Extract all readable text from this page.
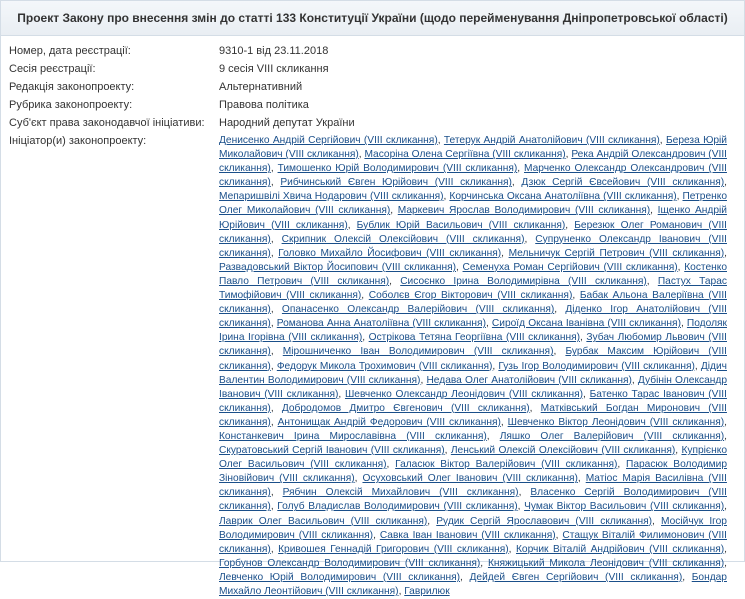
Проект Закону про внесення змін до статті 133 Конституції України (щодо перейменування Дніпропетровської області)
Номер, дата реєстрації:	9310-1 від 23.11.2018
Сесія реєстрації:	9 сесія VIII скликання
Редакція законопроекту:	Альтернативний
Рубрика законопроекту:	Правова політика
Суб'єкт права законодавчої ініціативи:	Народний депутат України
Ініціатор(и) законопроекту:	Денисенко Андрій Сергійович (VIII скликання), Тетерук Андрій Анатолійович (VIII скликання), Береза Юрій Миколайович (VIII скликання), Масоріна Олена Сергіївна (VIII скликання), Река Андрій Олександрович (VIII скликання), Тимошенко Юрій Володимирович (VIII скликання), Марченко Олександр Олександрович (VIII скликання), Рибчинський Євген Юрійович (VIII скликання), Дзюк Сергій Євсейович (VIII скликання), Мепаришвілі Хвича Нодарович (VIII скликання), Корчинська Оксана Анатоліївна (VIII скликання), Петренко Олег Миколайович (VIII скликання), Маркевич Ярослав Володимирович (VIII скликання), Іщенко Андрій Юрійович (VIII скликання), Бублик Юрій Васильович (VIII скликання), Березюк Олег Романович (VIII скликання), Скрипник Олексій Олексійович (VIII скликання), Супруненко Олександр Іванович (VIII скликання), Головко Михайло Йосифович (VIII скликання), Мельничук Сергій Петрович (VIII скликання), Развадовський Віктор Йосипович (VIII скликання), Семенуха Роман Сергійович (VIII скликання), Костенко Павло Петрович (VIII скликання), Сисоєнко Ірина Володимирівна (VIII скликання), Пастух Тарас Тимофійович (VIII скликання), Соболєв Єгор Вікторович (VIII скликання), Бабак Альона Валеріївна (VIII скликання), Опанасенко Олександр Валерійович (VIII скликання), Діденко Ігор Анатолійович (VIII скликання), Романова Анна Анатоліївна (VIII скликання), Сироїд Оксана Іванівна (VIII скликання), Подоляк Ірина Ігорівна (VIII скликання), Острікова Тетяна Георгіївна (VIII скликання), Зубач Любомир Львович (VIII скликання), Мірошниченко Іван Володимирович (VIII скликання), Бурбак Максим Юрійович (VIII скликання), Федорук Микола Трохимович (VIII скликання), Гузь Ігор Володимирович (VIII скликання), Дідич Валентин Володимирович (VIII скликання), Недава Олег Анатолійович (VIII скликання), Дубінін Олександр Іванович (VIII скликання), Шевченко Олександр Леонідович (VIII скликання), Батенко Тарас Іванович (VIII скликання), Добродомов Дмитро Євгенович (VIII скликання), Матківський Богдан Миронович (VIII скликання), Антонищак Андрій Федорович (VIII скликання), Шевченко Віктор Леонідович (VIII скликання), Констанкевич Ірина Мирославівна (VIII скликання), Ляшко Олег Валерійович (VIII скликання), Скуратовський Сергій Іванович (VIII скликання), Ленський Олексій Олексійович (VIII скликання), Купрієнко Олег Васильович (VIII скликання), Галасюк Віктор Валерійович (VIII скликання), Парасюк Володимир Зіновійович (VIII скликання), Осуховський Олег Іванович (VIII скликання), Матіос Марія Василівна (VIII скликання), Рябчин Олексій Михайлович (VIII скликання), Власенко Сергій Володимирович (VIII скликання), Голуб Владислав Володимирович (VIII скликання), Чумак Віктор Васильович (VIII скликання), Лаврик Олег Васильович (VIII скликання), Рудик Сергій Ярославович (VIII скликання), Мосійчук Ігор Володимирович (VIII скликання), Савка Іван Іванович (VIII скликання), Стащук Віталій Филимонович (VIII скликання), Кривошея Геннадій Григорович (VIII скликання), Корчик Віталій Андрійович (VIII скликання), Горбунов Олександр Володимирович (VIII скликання), Княжицький Микола Леонідович (VIII скликання), Левченко Юрій Володимирович (VIII скликання), Дейдей Євген Сергійович (VIII скликання), Бондар Михайло Леонтійович (VIII скликання), Гаврилюк
